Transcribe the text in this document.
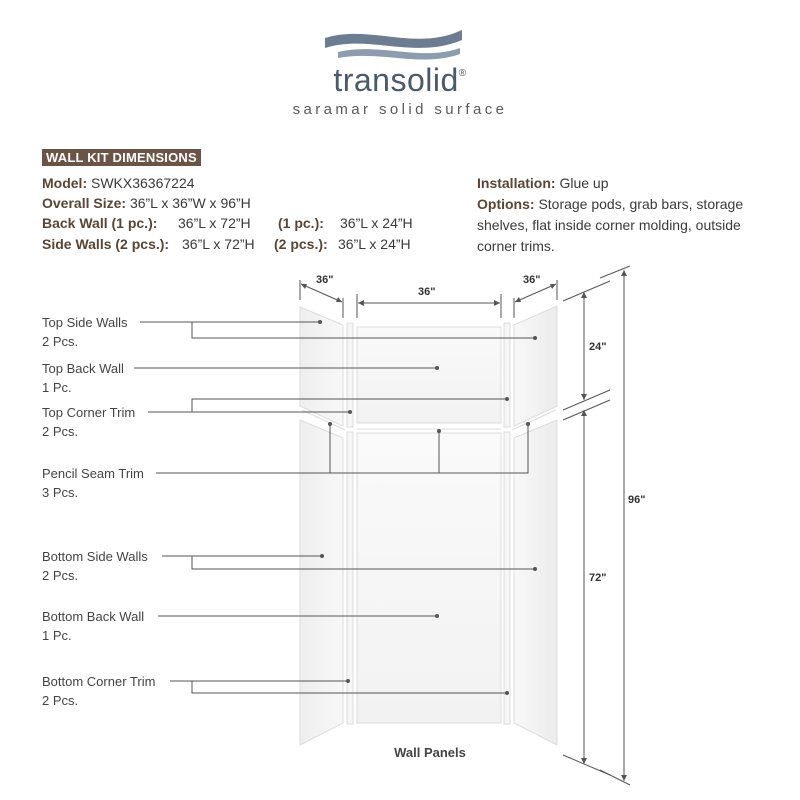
transolid®
saramar solid surface
WALL KIT DIMENSIONS
Model: SWKX36367224
Overall Size: 36”L x 36”W x 96”H
Back Wall (1 pc.): 36”L x 72”H (1 pc.): 36”L x 24”H
Side Walls (2 pcs.): 36”L x 72”H (2 pcs.): 36”L x 24”H
Installation: Glue up
Options: Storage pods, grab bars, storage shelves, flat inside corner molding, outside corner trims.
Top Side Walls
2 Pcs.
Top Back Wall
1 Pc.
Top Corner Trim
2 Pcs.
Pencil Seam Trim
3 Pcs.
Bottom Side Walls
2 Pcs.
Bottom Back Wall
1 Pc.
Bottom Corner Trim
2 Pcs.
36"
36"
36"
24"
72"
96"
Wall Panels
